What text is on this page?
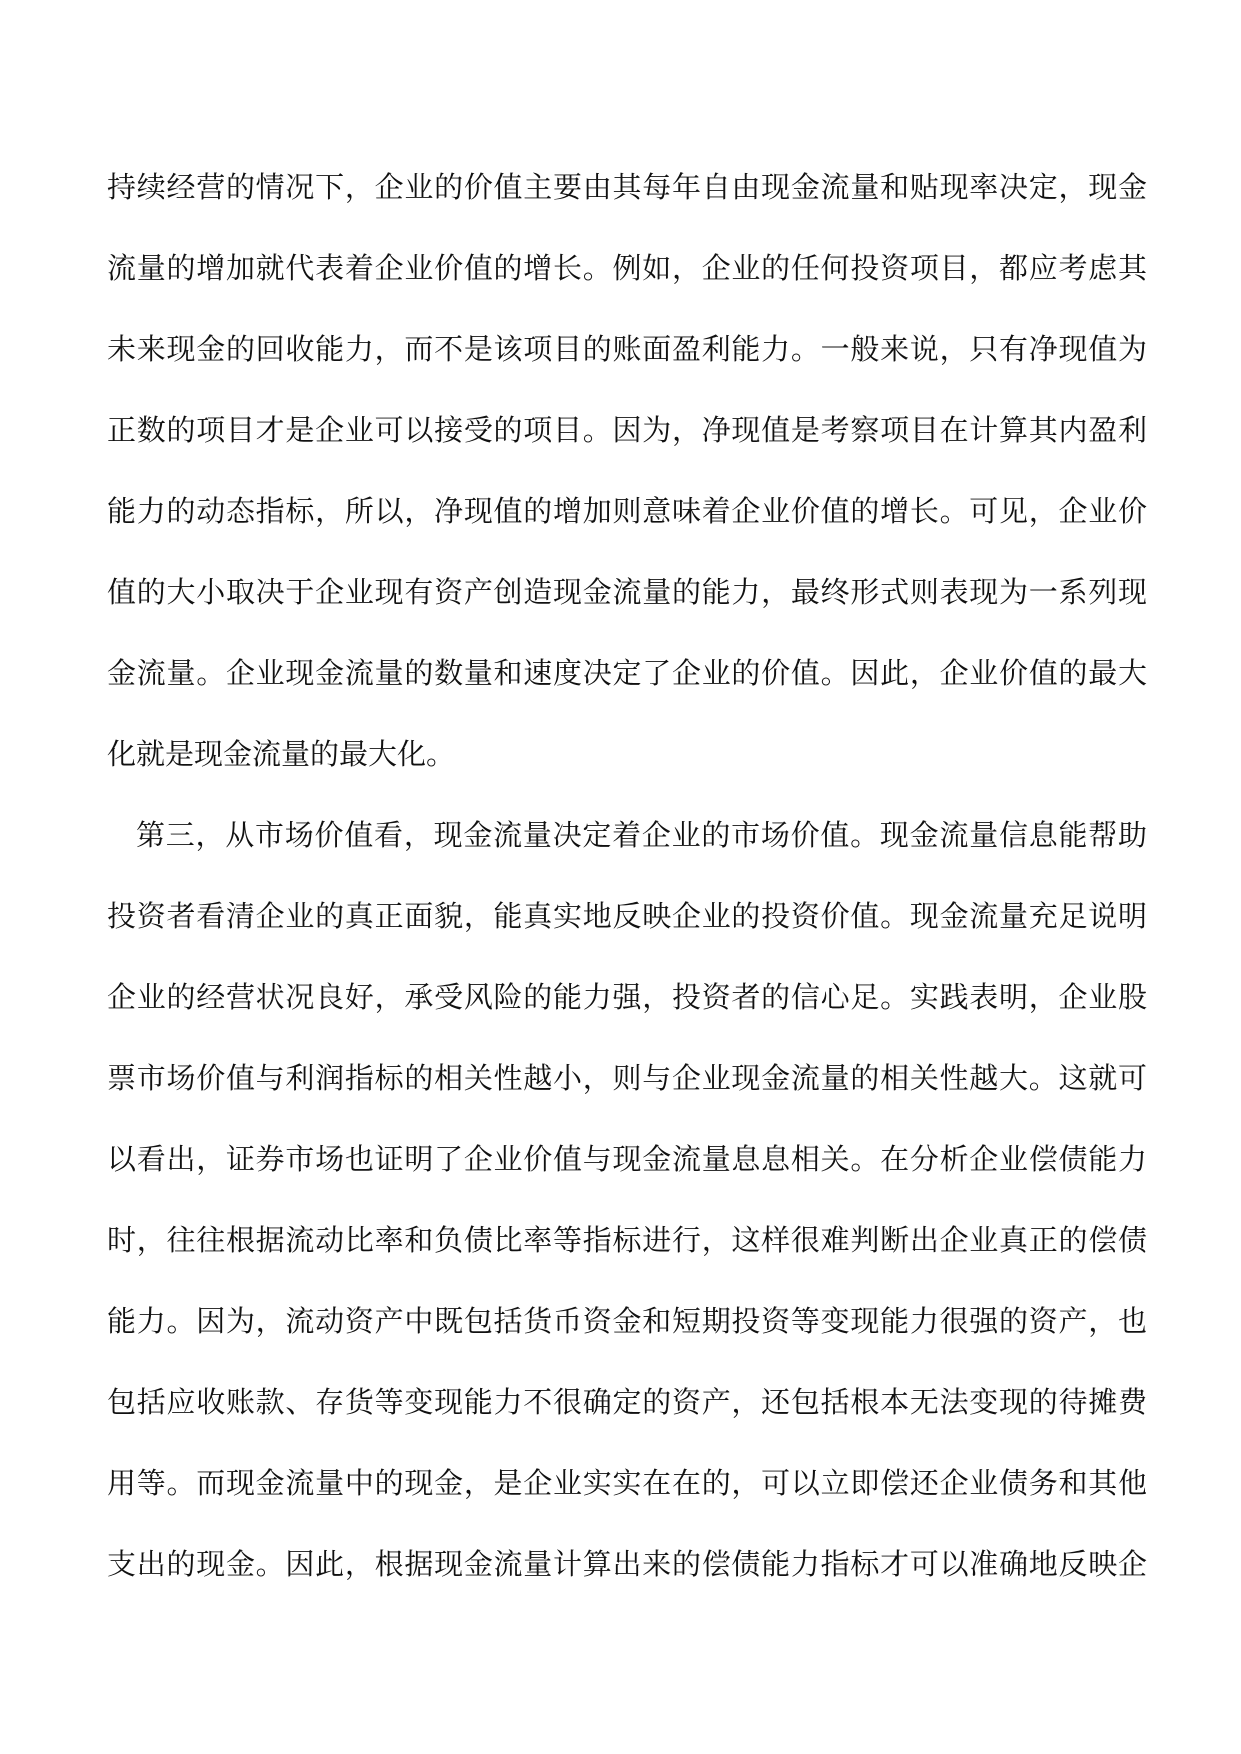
持续经营的情况下，企业的价值主要由其每年自由现金流量和贴现率决定，现金
流量的增加就代表着企业价值的增长。例如，企业的任何投资项目，都应考虑其
未来现金的回收能力，而不是该项目的账面盈利能力。一般来说，只有净现值为
正数的项目才是企业可以接受的项目。因为，净现值是考察项目在计算其内盈利
能力的动态指标，所以，净现值的增加则意味着企业价值的增长。可见，企业价
值的大小取决于企业现有资产创造现金流量的能力，最终形式则表现为一系列现
金流量。企业现金流量的数量和速度决定了企业的价值。因此，企业价值的最大
化就是现金流量的最大化。
第三，从市场价值看，现金流量决定着企业的市场价值。现金流量信息能帮助
投资者看清企业的真正面貌，能真实地反映企业的投资价值。现金流量充足说明
企业的经营状况良好，承受风险的能力强，投资者的信心足。实践表明，企业股
票市场价值与利润指标的相关性越小，则与企业现金流量的相关性越大。这就可
以看出，证券市场也证明了企业价值与现金流量息息相关。在分析企业偿债能力
时，往往根据流动比率和负债比率等指标进行，这样很难判断出企业真正的偿债
能力。因为，流动资产中既包括货币资金和短期投资等变现能力很强的资产，也
包括应收账款、存货等变现能力不很确定的资产，还包括根本无法变现的待摊费
用等。而现金流量中的现金，是企业实实在在的，可以立即偿还企业债务和其他
支出的现金。因此，根据现金流量计算出来的偿债能力指标才可以准确地反映企
